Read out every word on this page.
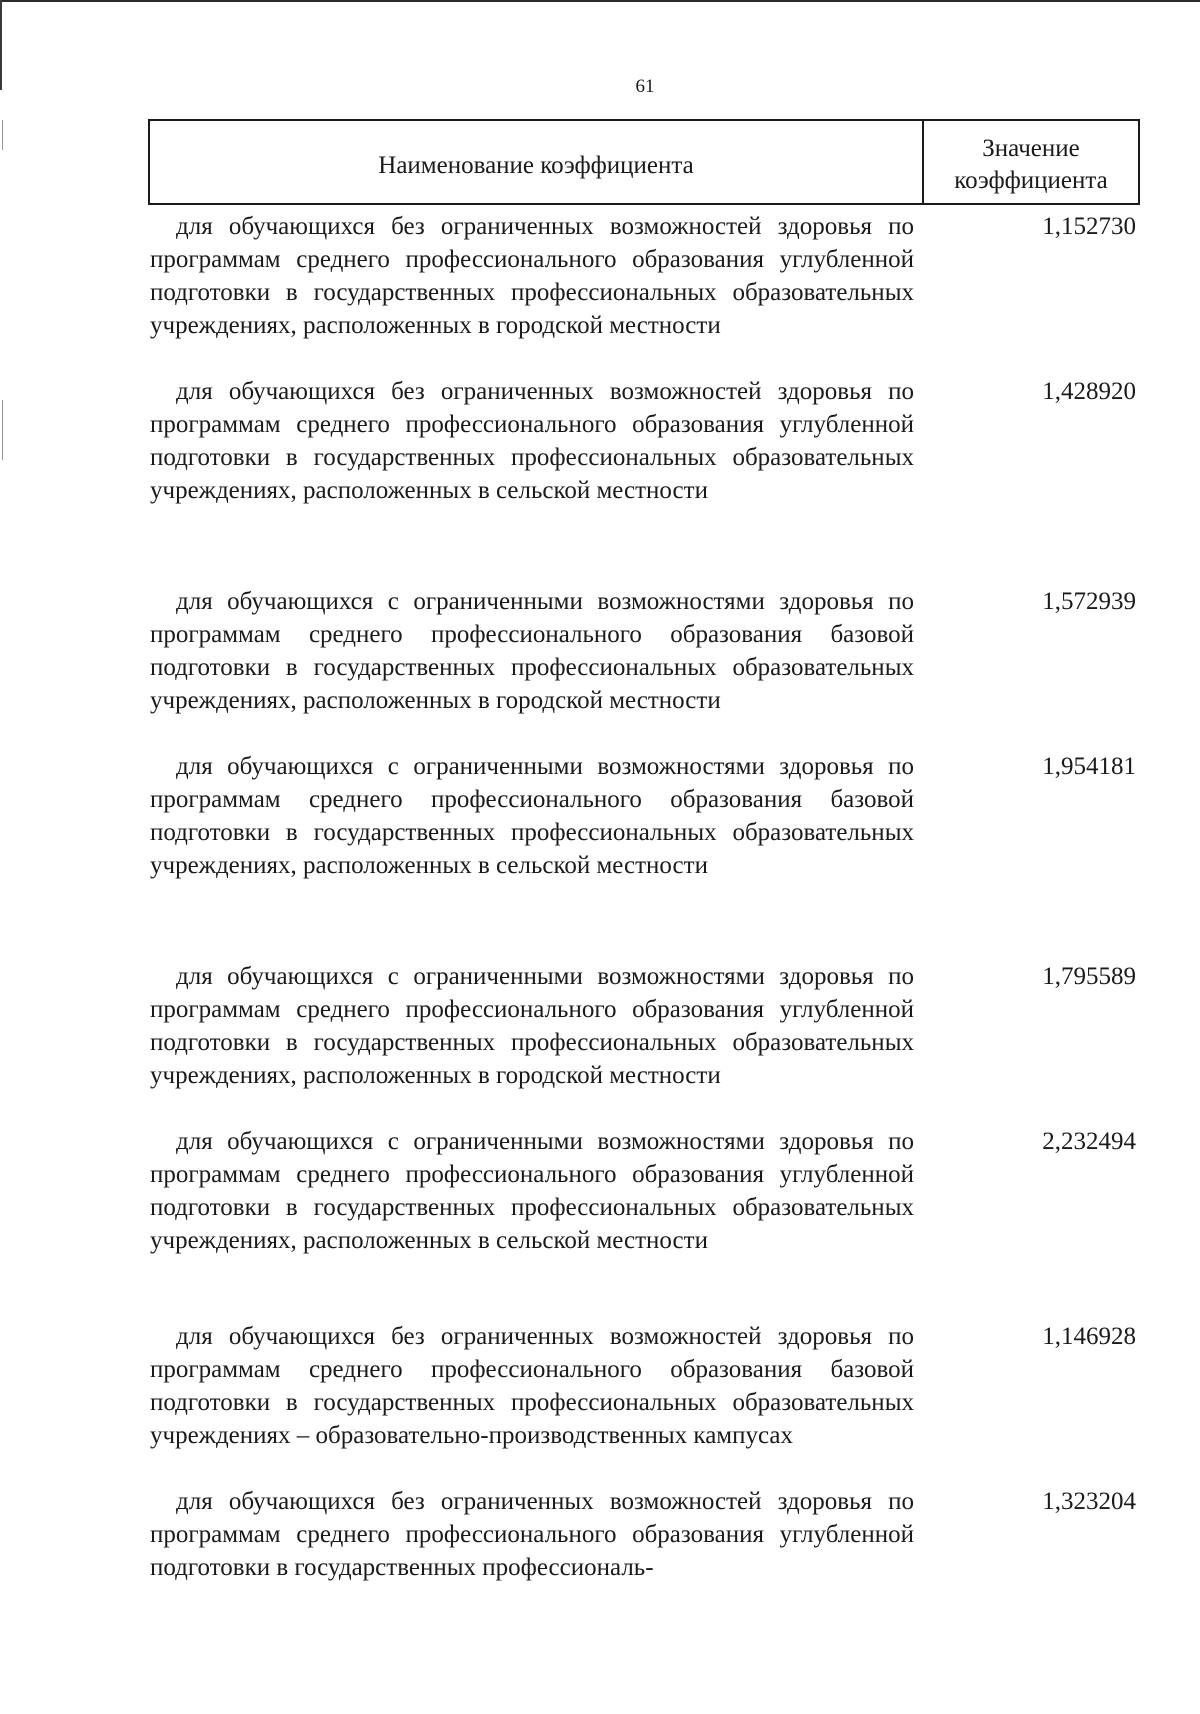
61
Наименование коэффициента
Значение
коэффициента
для обучающихся без ограниченных возможностей здоровья по программам среднего профессионального образования углубленной подготовки в государственных профессиональных образовательных учреждениях, расположенных в городской местности
1,152730
для обучающихся без ограниченных возможностей здоровья по программам среднего профессионального образования углубленной подготовки в государственных профессиональных образовательных учреждениях, расположенных в сельской местности
1,428920
для обучающихся с ограниченными возможностями здоровья по программам среднего профессионального образования базовой подготовки в государственных профессиональных образовательных учреждениях, расположенных в городской местности
1,572939
для обучающихся с ограниченными возможностями здоровья по программам среднего профессионального образования базовой подготовки в государственных профессиональных образовательных учреждениях, расположенных в сельской местности
1,954181
для обучающихся с ограниченными возможностями здоровья по программам среднего профессионального образования углубленной подготовки в государственных профессиональных образовательных учреждениях, расположенных в городской местности
1,795589
для обучающихся с ограниченными возможностями здоровья по программам среднего профессионального образования углубленной подготовки в государственных профессиональных образовательных учреждениях, расположенных в сельской местности
2,232494
для обучающихся без ограниченных возможностей здоровья по программам среднего профессионального образования базовой подготовки в государственных профессиональных образовательных учреждениях – образовательно-производственных кампусах
1,146928
для обучающихся без ограниченных возможностей здоровья по программам среднего профессионального образования углубленной подготовки в государственных профессиональ-
1,323204
